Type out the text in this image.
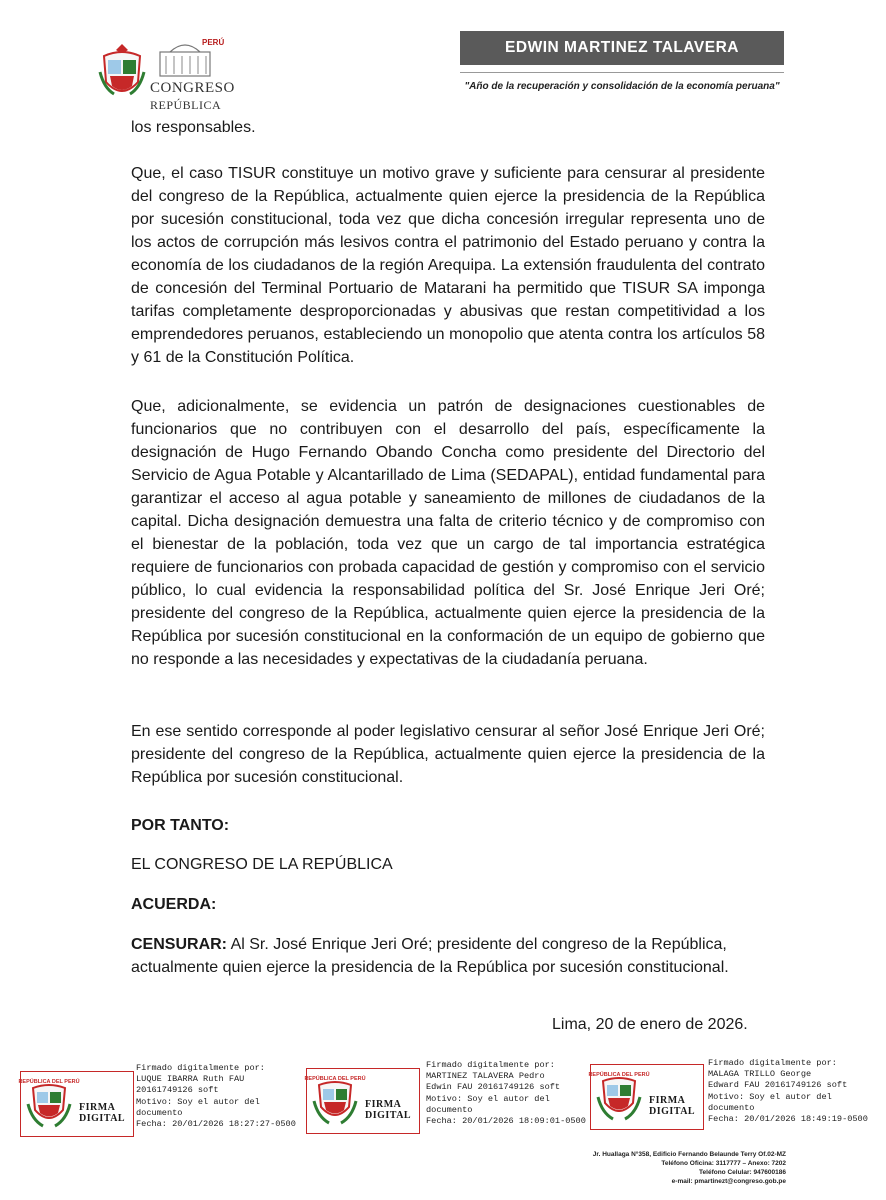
PERÚ
CONGRESO
REPÚBLICA
EDWIN MARTINEZ TALAVERA
"Año de la recuperación y consolidación de la economía peruana"

los responsables.

Que, el caso TISUR constituye un motivo grave y suficiente para censurar al presidente del congreso de la República, actualmente quien ejerce la presidencia de la República por sucesión constitucional, toda vez que dicha concesión irregular representa uno de los actos de corrupción más lesivos contra el patrimonio del Estado peruano y contra la economía de los ciudadanos de la región Arequipa. La extensión fraudulenta del contrato de concesión del Terminal Portuario de Matarani ha permitido que TISUR SA imponga tarifas completamente desproporcionadas y abusivas que restan competitividad a los emprendedores peruanos, estableciendo un monopolio que atenta contra los artículos 58 y 61 de la Constitución Política.

Que, adicionalmente, se evidencia un patrón de designaciones cuestionables de funcionarios que no contribuyen con el desarrollo del país, específicamente la designación de Hugo Fernando Obando Concha como presidente del Directorio del Servicio de Agua Potable y Alcantarillado de Lima (SEDAPAL), entidad fundamental para garantizar el acceso al agua potable y saneamiento de millones de ciudadanos de la capital. Dicha designación demuestra una falta de criterio técnico y de compromiso con el bienestar de la población, toda vez que un cargo de tal importancia estratégica requiere de funcionarios con probada capacidad de gestión y compromiso con el servicio público, lo cual evidencia la responsabilidad política del Sr. José Enrique Jeri Oré; presidente del congreso de la República, actualmente quien ejerce la presidencia de la República por sucesión constitucional en la conformación de un equipo de gobierno que no responde a las necesidades y expectativas de la ciudadanía peruana.

En ese sentido corresponde al poder legislativo censurar al señor José Enrique Jeri Oré; presidente del congreso de la República, actualmente quien ejerce la presidencia de la República por sucesión constitucional.

POR TANTO:

EL CONGRESO DE LA REPÚBLICA

ACUERDA:

CENSURAR: Al Sr. José Enrique Jeri Oré; presidente del congreso de la República, actualmente quien ejerce la presidencia de la República por sucesión constitucional.

Lima, 20 de enero de 2026.
REPÚBLICA DEL PERÚ
FIRMA
DIGITAL
Firmado digitalmente por:
LUQUE IBARRA Ruth FAU
20161749126 soft
Motivo: Soy el autor del
documento
Fecha: 20/01/2026 18:27:27-0500
REPÚBLICA DEL PERÚ
FIRMA
DIGITAL
Firmado digitalmente por:
MARTINEZ TALAVERA Pedro
Edwin FAU 20161749126 soft
Motivo: Soy el autor del
documento
Fecha: 20/01/2026 18:09:01-0500
REPÚBLICA DEL PERÚ
FIRMA
DIGITAL
Firmado digitalmente por:
MALAGA TRILLO George
Edward FAU 20161749126 soft
Motivo: Soy el autor del
documento
Fecha: 20/01/2026 18:49:19-0500
Jr. Huallaga N°358, Edificio Fernando Belaunde Terry Of.02-MZ
Teléfono Oficina: 3117777 – Anexo: 7202
Teléfono Celular: 947600186
e-mail: pmartinezt@congreso.gob.pe
